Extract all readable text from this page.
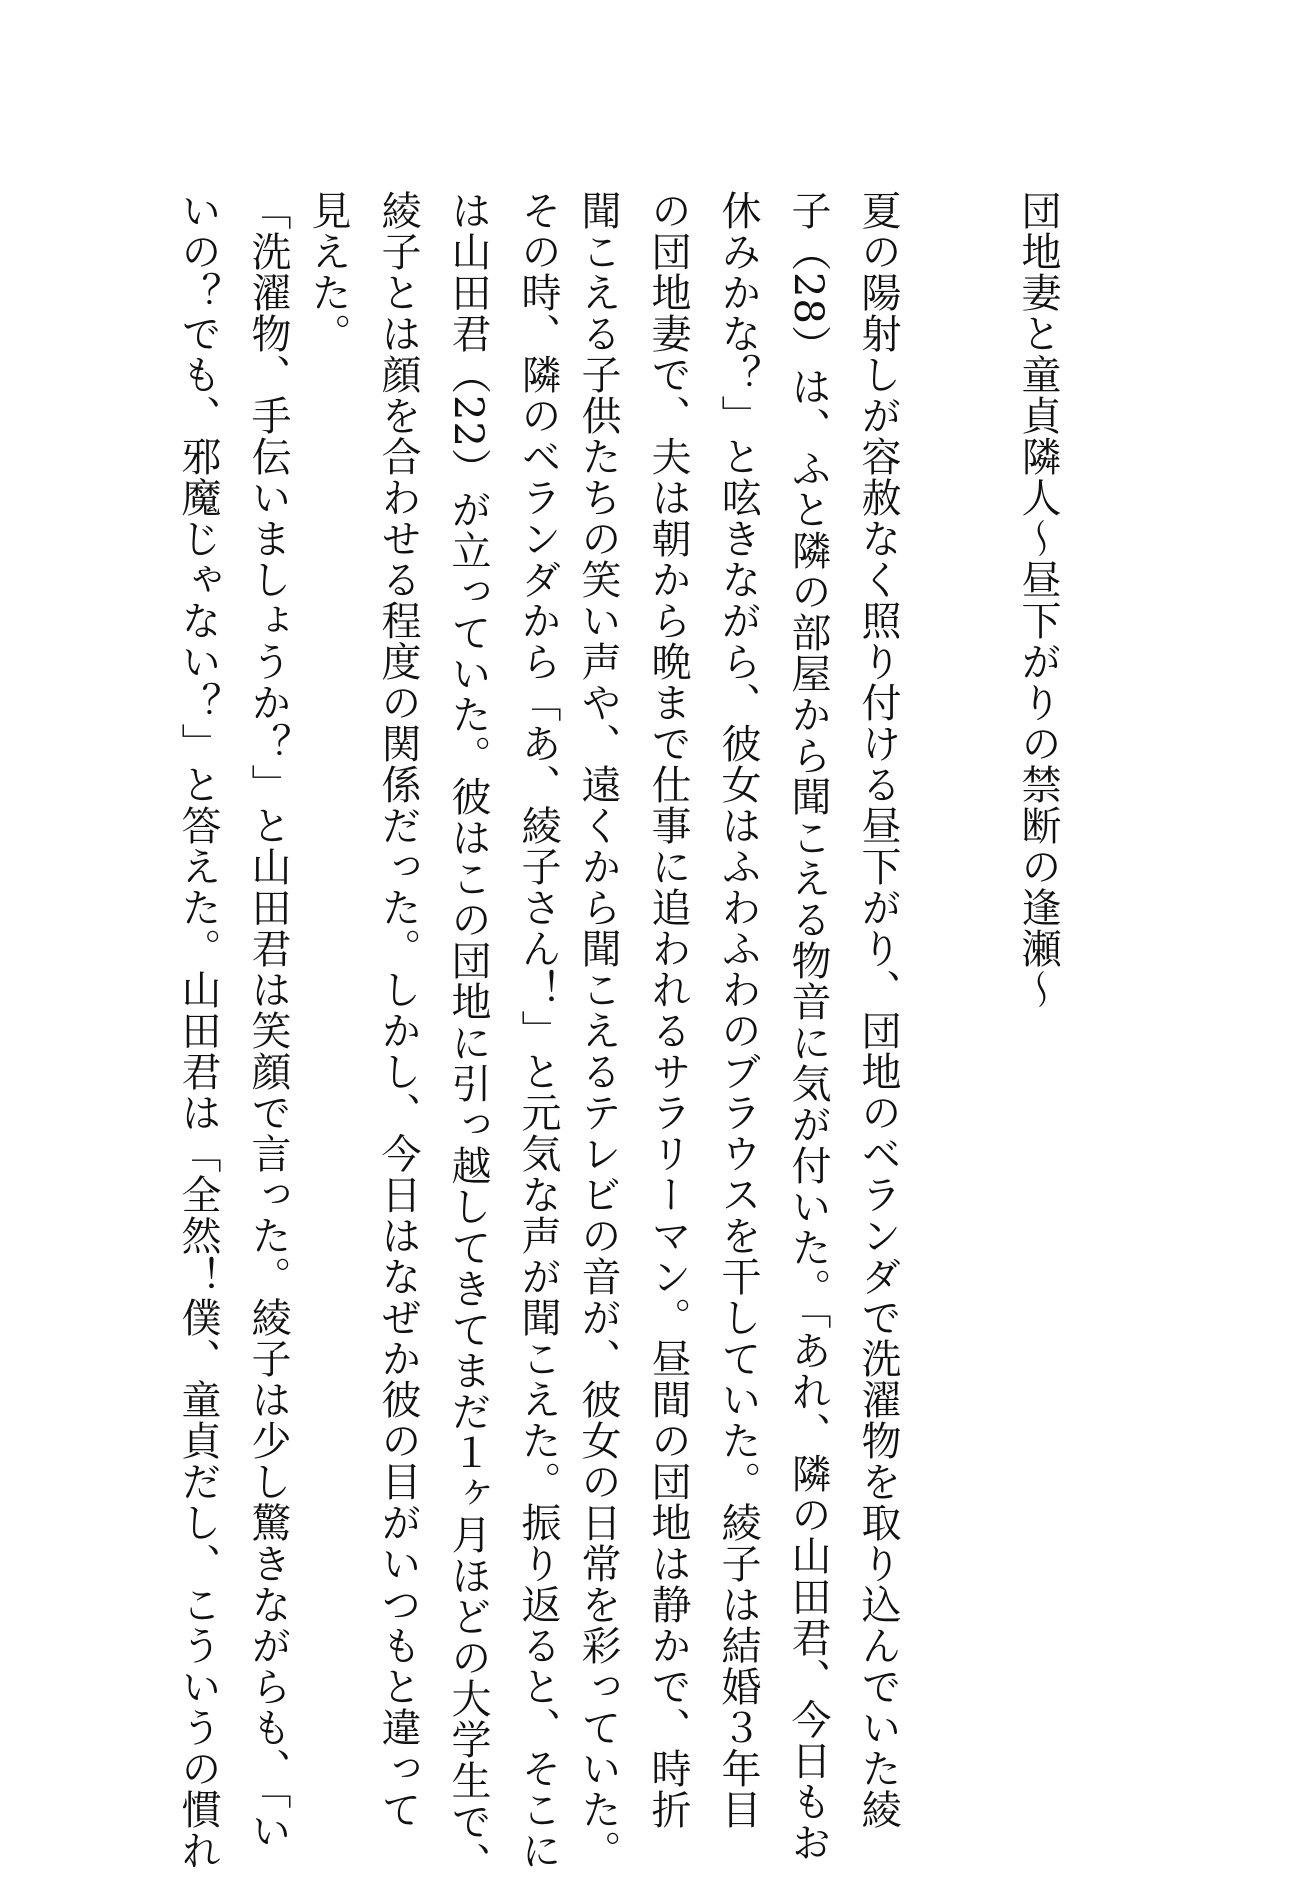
団地妻と童貞隣人〜昼下がりの禁断の逢瀬〜
夏の陽射しが容赦なく照り付ける昼下がり、団地のベランダで洗濯物を取り込んでいた綾
子（28）は、ふと隣の部屋から聞こえる物音に気が付いた。「あれ、隣の山田君、今日もお
休みかな？」と呟きながら、彼女はふわふわのブラウスを干していた。綾子は結婚３年目
の団地妻で、夫は朝から晩まで仕事に追われるサラリーマン。昼間の団地は静かで、時折
聞こえる子供たちの笑い声や、遠くから聞こえるテレビの音が、彼女の日常を彩っていた。
その時、隣のベランダから「あ、綾子さん！」と元気な声が聞こえた。振り返ると、そこに
は山田君（22）が立っていた。彼はこの団地に引っ越してきてまだ１ヶ月ほどの大学生で、
綾子とは顔を合わせる程度の関係だった。しかし、今日はなぜか彼の目がいつもと違って
見えた。
「洗濯物、手伝いましょうか？」と山田君は笑顔で言った。綾子は少し驚きながらも、「い
いの？でも、邪魔じゃない？」と答えた。山田君は「全然！僕、童貞だし、こういうの慣れ
